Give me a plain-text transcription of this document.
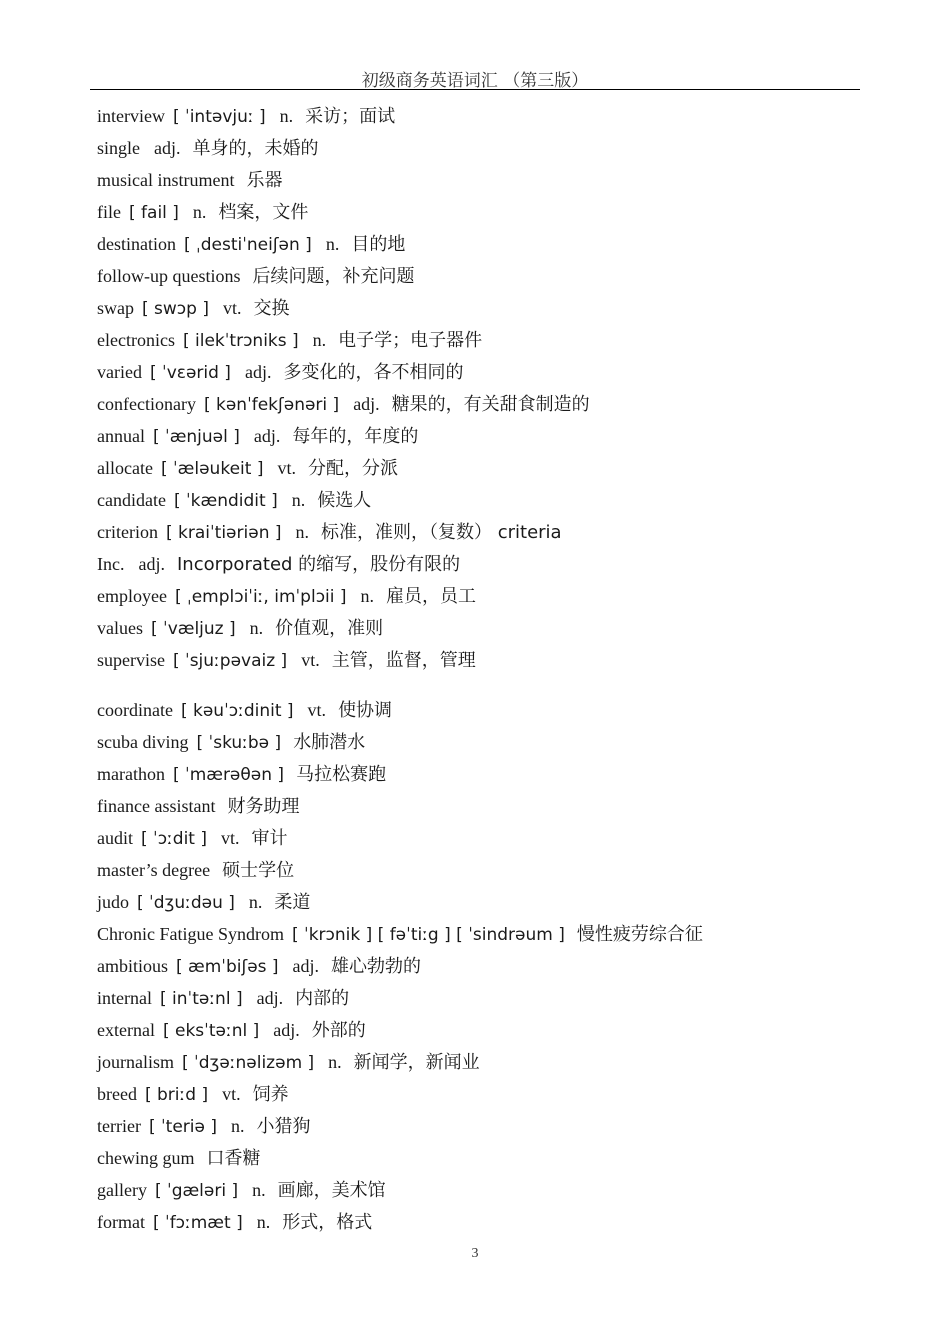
初级商务英语词汇 （第三版）
interview [ ˈintəvjuː ] n. 采访；面试
single adj. 单身的，未婚的
musical instrument 乐器
file [ fail ] n. 档案，文件
destination [ ˌdestiˈneiʃən ] n. 目的地
follow-up questions 后续问题，补充问题
swap [ swɔp ] vt. 交换
electronics [ ilekˈtrɔniks ] n. 电子学；电子器件
varied [ ˈvɛərid ] adj. 多变化的，各不相同的
confectionary [ kənˈfekʃənəri ] adj. 糖果的，有关甜食制造的
annual [ ˈænjuəl ] adj. 每年的，年度的
allocate [ ˈæləukeit ] vt. 分配，分派
candidate [ ˈkændidit ] n. 候选人
criterion [ kraiˈtiəriən ] n. 标准，准则，（复数） criteria
Inc. adj. Incorporated 的缩写，股份有限的
employee [ ˌemplɔiˈiː, imˈplɔii ] n. 雇员，员工
values [ ˈvæljuz ] n. 价值观，准则
supervise [ ˈsjuːpəvaiz ] vt. 主管，监督，管理
coordinate [ kəuˈɔːdinit ] vt. 使协调
scuba diving [ ˈskuːbə ] 水肺潜水
marathon [ ˈmærəθən ] 马拉松赛跑
finance assistant 财务助理
audit [ ˈɔːdit ] vt. 审计
master’s degree 硕士学位
judo [ ˈdʒuːdəu ] n. 柔道
Chronic Fatigue Syndrom [ ˈkrɔnik ] [ fəˈtiːg ] [ ˈsindrəum ] 慢性疲劳综合征
ambitious [ æmˈbiʃəs ] adj. 雄心勃勃的
internal [ inˈtəːnl ] adj. 内部的
external [ eksˈtəːnl ] adj. 外部的
journalism [ ˈdʒəːnəlizəm ] n. 新闻学，新闻业
breed [ briːd ] vt. 饲养
terrier [ ˈteriə ] n. 小猎狗
chewing gum 口香糖
gallery [ ˈgæləri ] n. 画廊，美术馆
format [ ˈfɔːmæt ] n. 形式，格式
3
